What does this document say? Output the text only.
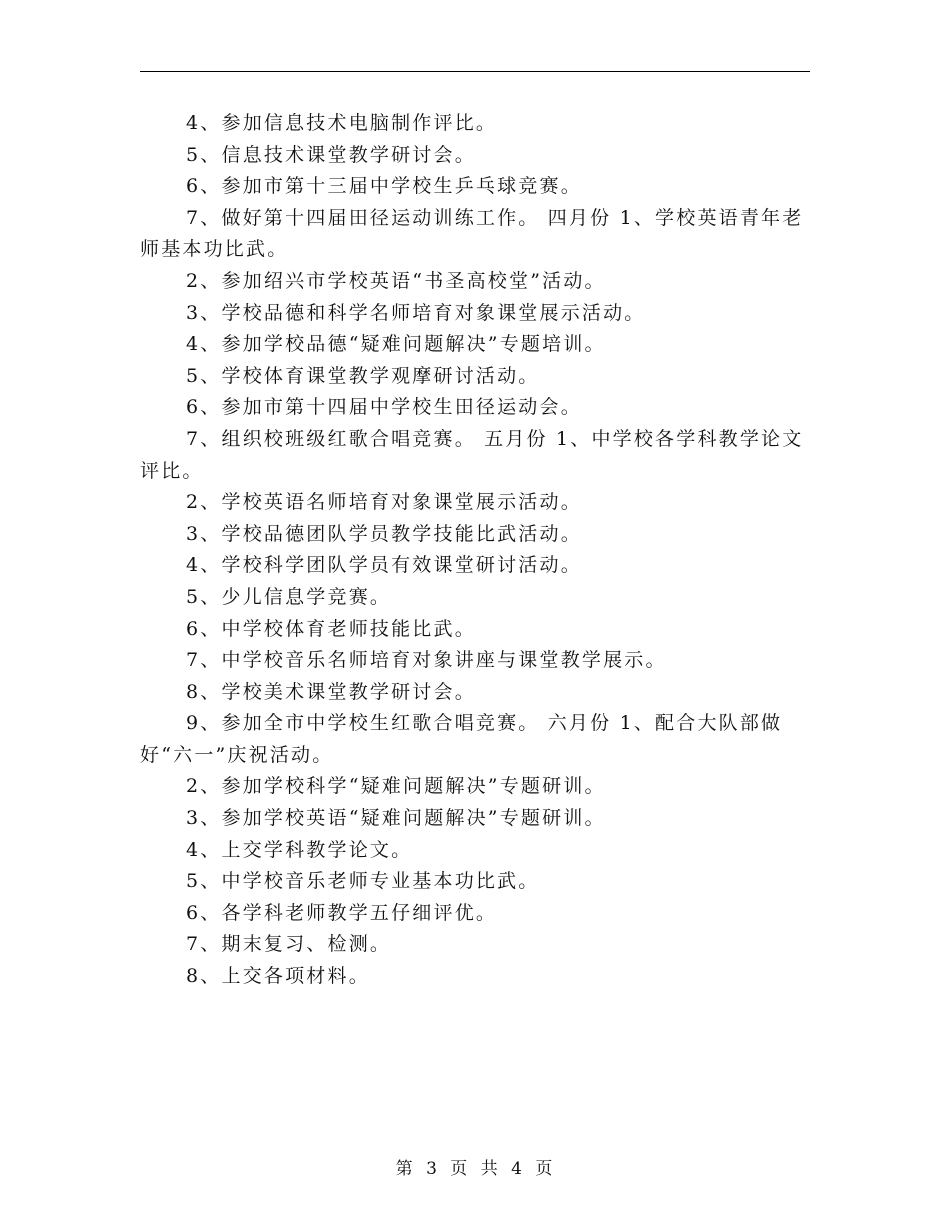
4、参加信息技术电脑制作评比。

5、信息技术课堂教学研讨会。

6、参加市第十三届中学校生乒乓球竞赛。

7、做好第十四届田径运动训练工作。 四月份 1、学校英语青年老师基本功比武。

2、参加绍兴市学校英语“书圣高校堂”活动。

3、学校品德和科学名师培育对象课堂展示活动。

4、参加学校品德“疑难问题解决”专题培训。

5、学校体育课堂教学观摩研讨活动。

6、参加市第十四届中学校生田径运动会。

7、组织校班级红歌合唱竞赛。 五月份 1、中学校各学科教学论文评比。

2、学校英语名师培育对象课堂展示活动。

3、学校品德团队学员教学技能比武活动。

4、学校科学团队学员有效课堂研讨活动。

5、少儿信息学竞赛。

6、中学校体育老师技能比武。

7、中学校音乐名师培育对象讲座与课堂教学展示。

8、学校美术课堂教学研讨会。

9、参加全市中学校生红歌合唱竞赛。 六月份 1、配合大队部做好“六一”庆祝活动。

2、参加学校科学“疑难问题解决”专题研训。

3、参加学校英语“疑难问题解决”专题研训。

4、上交学科教学论文。

5、中学校音乐老师专业基本功比武。

6、各学科老师教学五仔细评优。

7、期末复习、检测。

8、上交各项材料。

第 3 页 共 4 页
